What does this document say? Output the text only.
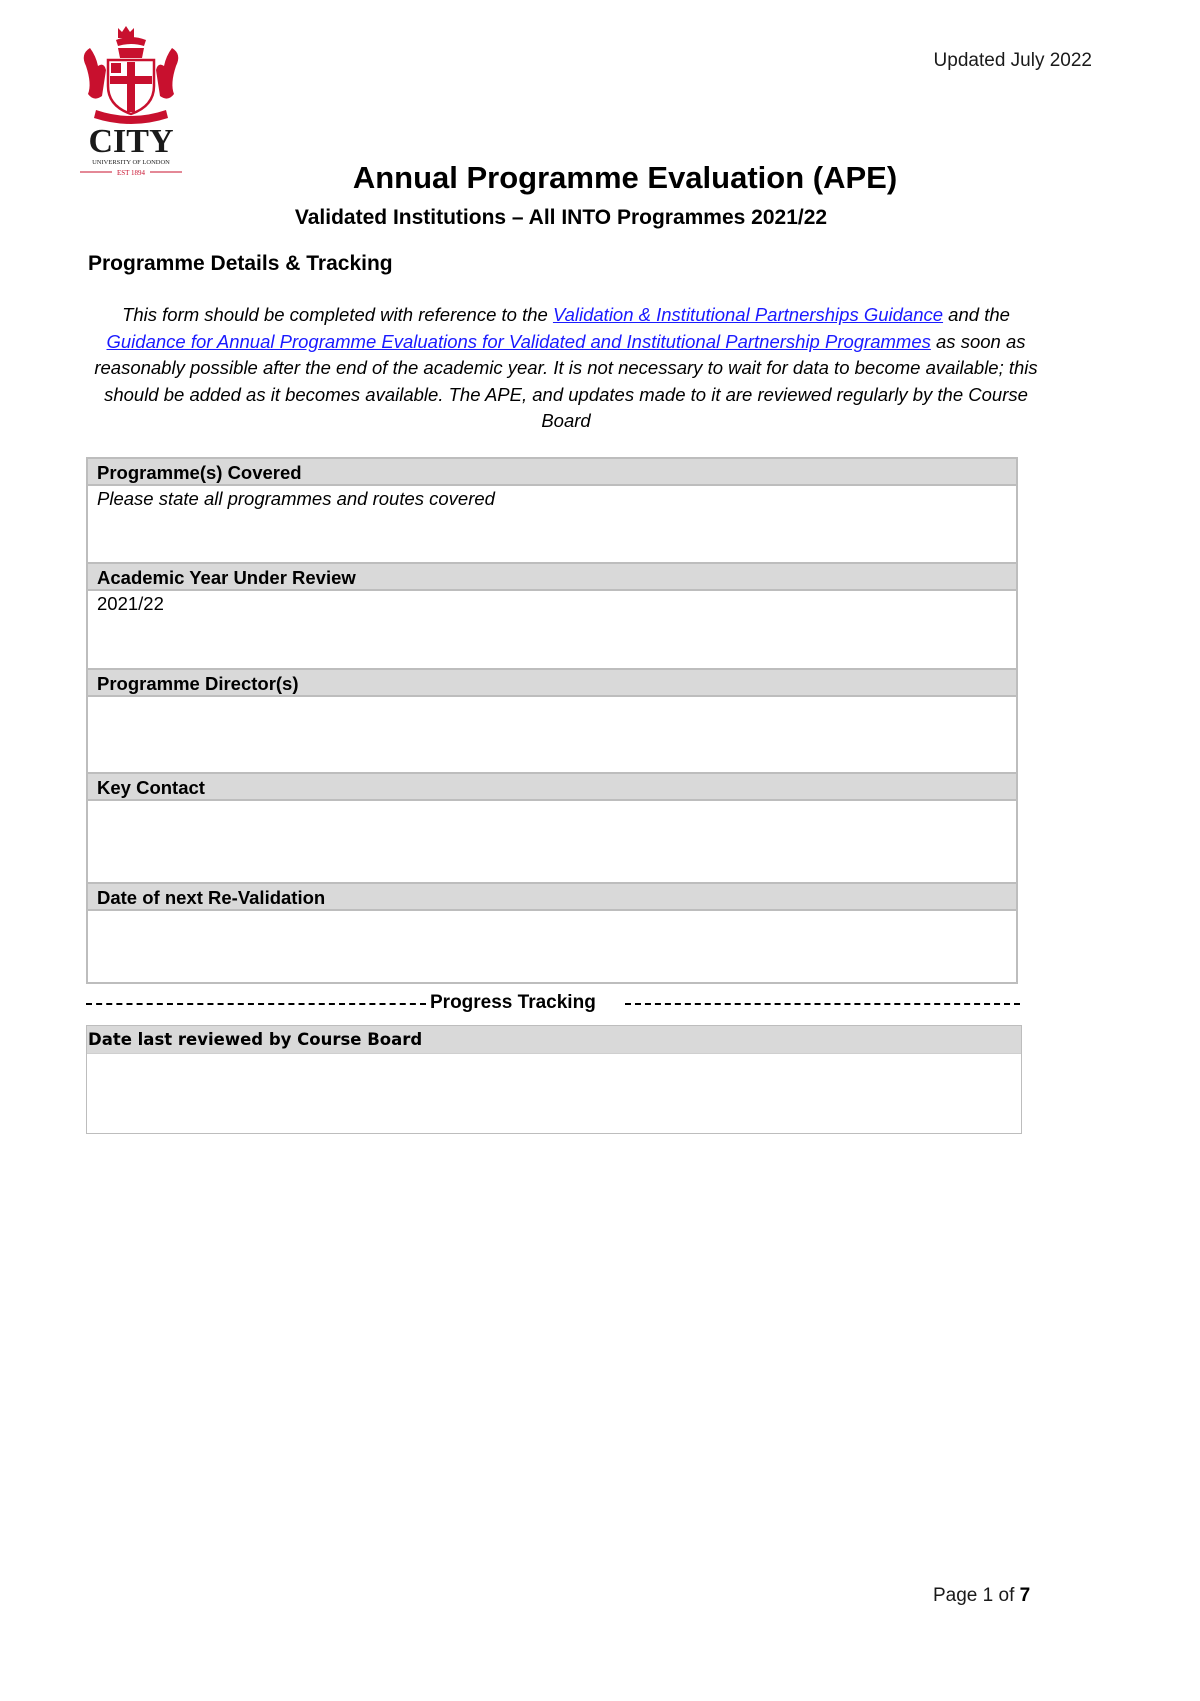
CITY
UNIVERSITY OF LONDON
EST 1894
Updated July 2022
Annual Programme Evaluation (APE)
Validated Institutions – All INTO Programmes 2021/22
Programme Details & Tracking
This form should be completed with reference to the Validation & Institutional Partnerships Guidance and the Guidance for Annual Programme Evaluations for Validated and Institutional Partnership Programmes as soon as reasonably possible after the end of the academic year. It is not necessary to wait for data to become available; this should be added as it becomes available. The APE, and updates made to it are reviewed regularly by the Course Board
Programme(s) Covered
Please state all programmes and routes covered
Academic Year Under Review
2021/22
Programme Director(s)
Key Contact
Date of next Re-Validation
Progress Tracking
Date last reviewed by Course Board
Page 1 of 7
